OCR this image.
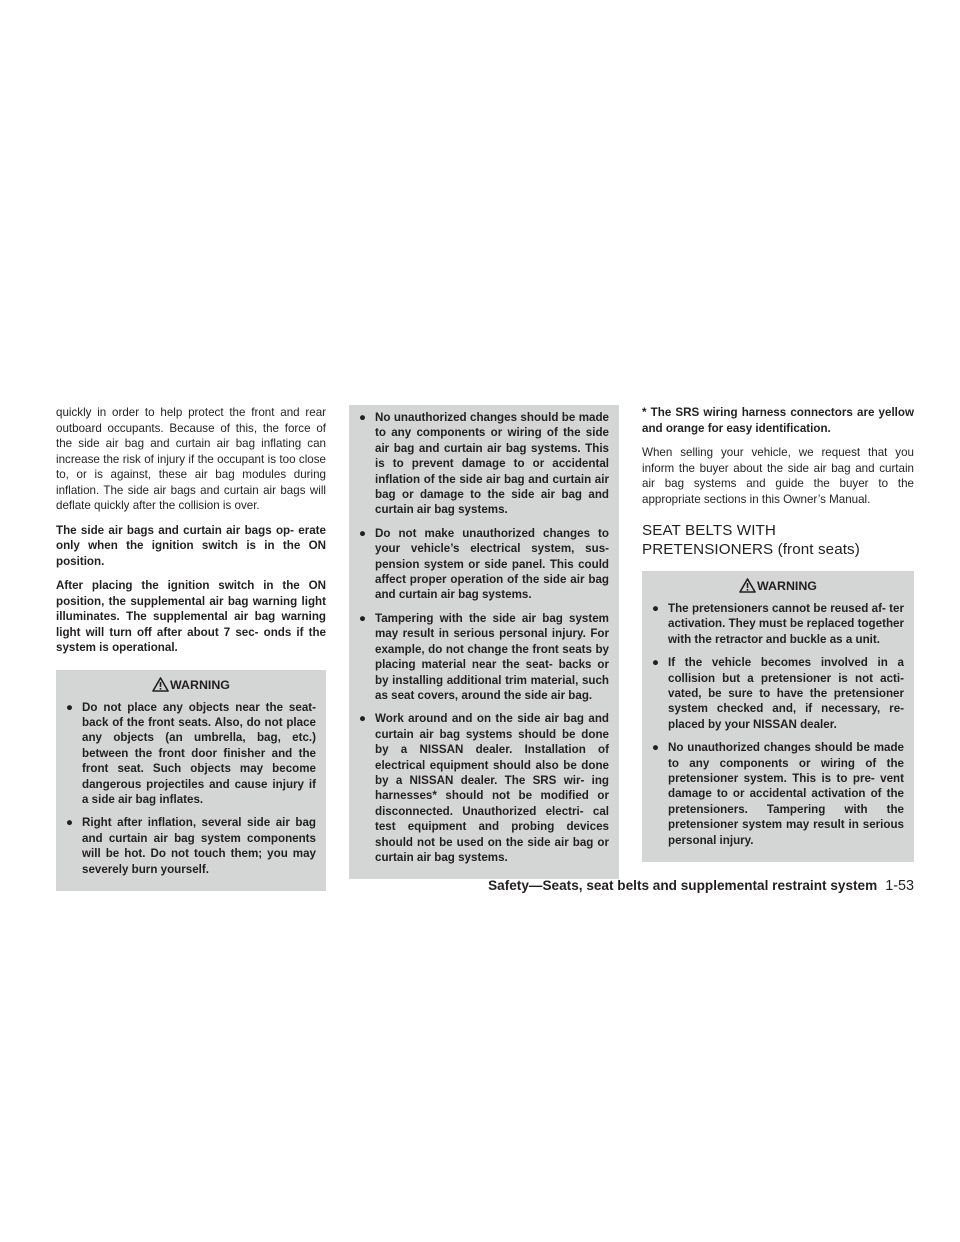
quickly in order to help protect the front and rear outboard occupants. Because of this, the force of the side air bag and curtain air bag inflating can increase the risk of injury if the occupant is too close to, or is against, these air bag modules during inflation. The side air bags and curtain air bags will deflate quickly after the collision is over.

The side air bags and curtain air bags op- erate only when the ignition switch is in the ON position.

After placing the ignition switch in the ON position, the supplemental air bag warning light illuminates. The supplemental air bag warning light will turn off after about 7 sec- onds if the system is operational.

WARNING
● Do not place any objects near the seat- back of the front seats. Also, do not place any objects (an umbrella, bag, etc.) between the front door finisher and the front seat. Such objects may become dangerous projectiles and cause injury if a side air bag inflates.
● Right after inflation, several side air bag and curtain air bag system components will be hot. Do not touch them; you may severely burn yourself.
● No unauthorized changes should be made to any components or wiring of the side air bag and curtain air bag systems. This is to prevent damage to or accidental inflation of the side air bag and curtain air bag or damage to the side air bag and curtain air bag systems.
● Do not make unauthorized changes to your vehicle’s electrical system, sus- pension system or side panel. This could affect proper operation of the side air bag and curtain air bag systems.
● Tampering with the side air bag system may result in serious personal injury. For example, do not change the front seats by placing material near the seat- backs or by installing additional trim material, such as seat covers, around the side air bag.
● Work around and on the side air bag and curtain air bag systems should be done by a NISSAN dealer. Installation of electrical equipment should also be done by a NISSAN dealer. The SRS wir- ing harnesses* should not be modified or disconnected. Unauthorized electri- cal test equipment and probing devices should not be used on the side air bag or curtain air bag systems.

* The SRS wiring harness connectors are yellow and orange for easy identification.

When selling your vehicle, we request that you inform the buyer about the side air bag and curtain air bag systems and guide the buyer to the appropriate sections in this Owner’s Manual.

SEAT BELTS WITH
PRETENSIONERS (front seats)
WARNING
● The pretensioners cannot be reused af- ter activation. They must be replaced together with the retractor and buckle as a unit.
● If the vehicle becomes involved in a collision but a pretensioner is not acti- vated, be sure to have the pretensioner system checked and, if necessary, re- placed by your NISSAN dealer.
● No unauthorized changes should be made to any components or wiring of the pretensioner system. This is to pre- vent damage to or accidental activation of the pretensioners. Tampering with the pretensioner system may result in serious personal injury.
Safety—Seats, seat belts and supplemental restraint system 1-53
